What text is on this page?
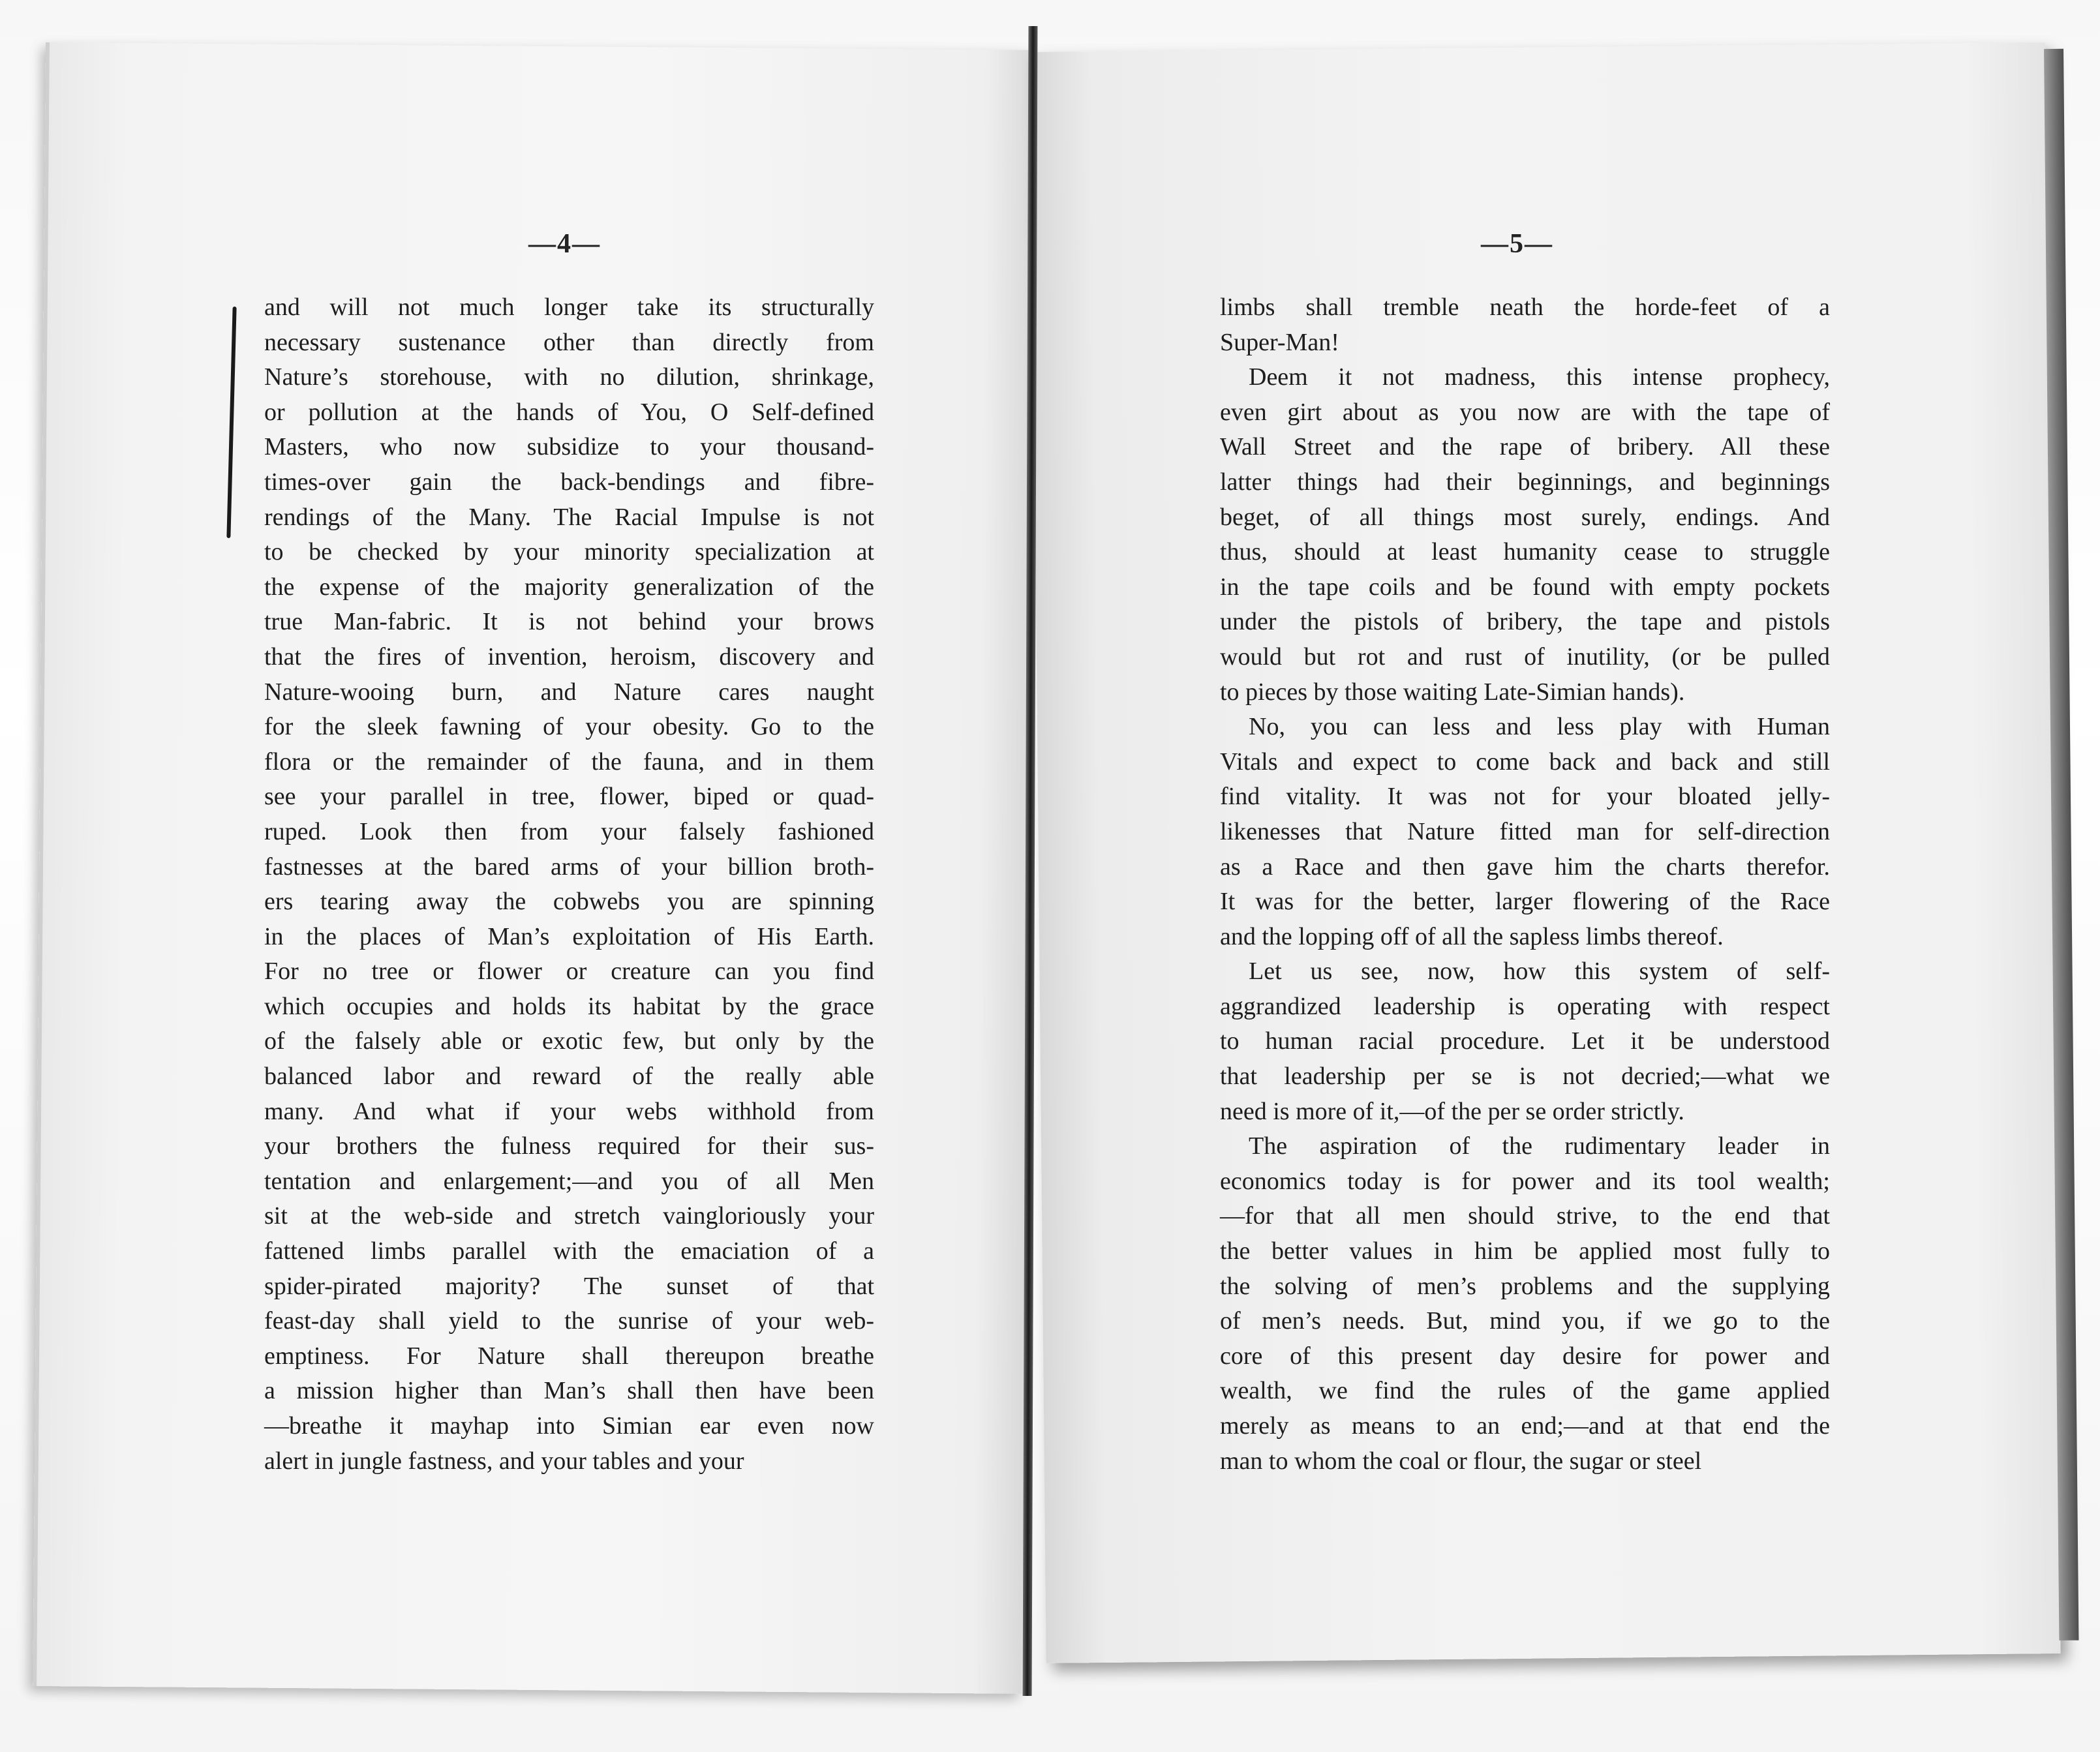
—4—
and will not much longer take its structurally
necessary sustenance other than directly from
Nature’s storehouse, with no dilution, shrinkage,
or pollution at the hands of You, O Self-defined
Masters, who now subsidize to your thousand-
times-over gain the back-bendings and fibre-
rendings of the Many. The Racial Impulse is not
to be checked by your minority specialization at
the expense of the majority generalization of the
true Man-fabric. It is not behind your brows
that the fires of invention, heroism, discovery and
Nature-wooing burn, and Nature cares naught
for the sleek fawning of your obesity. Go to the
flora or the remainder of the fauna, and in them
see your parallel in tree, flower, biped or quad-
ruped. Look then from your falsely fashioned
fastnesses at the bared arms of your billion broth-
ers tearing away the cobwebs you are spinning
in the places of Man’s exploitation of His Earth.
For no tree or flower or creature can you find
which occupies and holds its habitat by the grace
of the falsely able or exotic few, but only by the
balanced labor and reward of the really able
many. And what if your webs withhold from
your brothers the fulness required for their sus-
tentation and enlargement;—and you of all Men
sit at the web-side and stretch vaingloriously your
fattened limbs parallel with the emaciation of a
spider-pirated majority? The sunset of that
feast-day shall yield to the sunrise of your web-
emptiness. For Nature shall thereupon breathe
a mission higher than Man’s shall then have been
—breathe it mayhap into Simian ear even now
alert in jungle fastness, and your tables and your
—5—
limbs shall tremble neath the horde-feet of a
Super-Man!
Deem it not madness, this intense prophecy,
even girt about as you now are with the tape of
Wall Street and the rape of bribery. All these
latter things had their beginnings, and beginnings
beget, of all things most surely, endings. And
thus, should at least humanity cease to struggle
in the tape coils and be found with empty pockets
under the pistols of bribery, the tape and pistols
would but rot and rust of inutility, (or be pulled
to pieces by those waiting Late-Simian hands).
No, you can less and less play with Human
Vitals and expect to come back and back and still
find vitality. It was not for your bloated jelly-
likenesses that Nature fitted man for self-direction
as a Race and then gave him the charts therefor.
It was for the better, larger flowering of the Race
and the lopping off of all the sapless limbs thereof.
Let us see, now, how this system of self-
aggrandized leadership is operating with respect
to human racial procedure. Let it be understood
that leadership per se is not decried;—what we
need is more of it,—of the per se order strictly.
The aspiration of the rudimentary leader in
economics today is for power and its tool wealth;
—for that all men should strive, to the end that
the better values in him be applied most fully to
the solving of men’s problems and the supplying
of men’s needs. But, mind you, if we go to the
core of this present day desire for power and
wealth, we find the rules of the game applied
merely as means to an end;—and at that end the
man to whom the coal or flour, the sugar or steel
